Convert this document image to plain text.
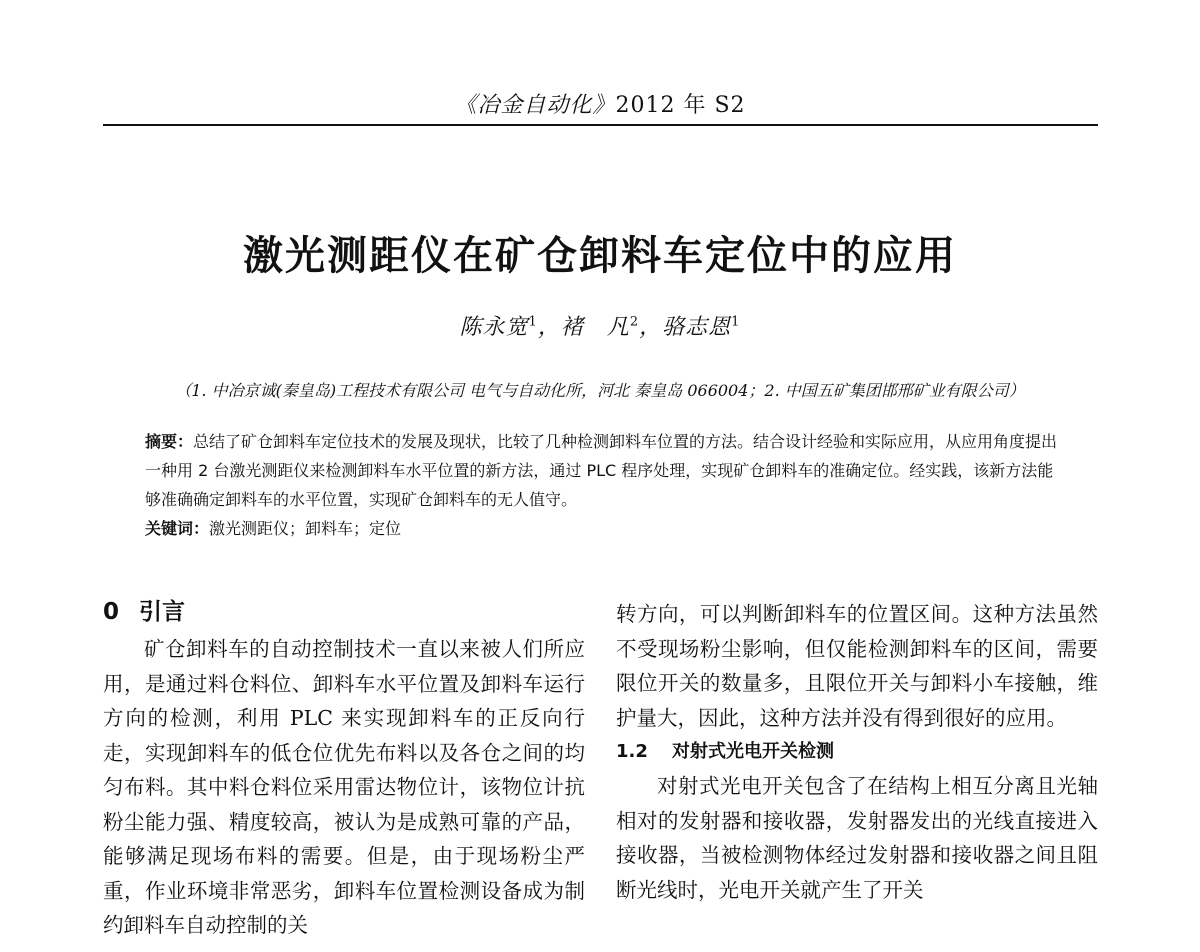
《冶金自动化》2012 年 S2
激光测距仪在矿仓卸料车定位中的应用
陈永宽$^1$，褚　凡$^2$，骆志恩$^1$
（1. 中冶京诚(秦皇岛)工程技术有限公司 电气与自动化所，河北 秦皇岛 066004；2. 中国五矿集团邯邢矿业有限公司）

摘要：总结了矿仓卸料车定位技术的发展及现状，比较了几种检测卸料车位置的方法。结合设计经验和实际应用，从应用角度提出一种用 2 台激光测距仪来检测卸料车水平位置的新方法，通过 PLC 程序处理，实现矿仓卸料车的准确定位。经实践，该新方法能够准确确定卸料车的水平位置，实现矿仓卸料车的无人值守。

关键词：激光测距仪；卸料车；定位

0 引言

矿仓卸料车的自动控制技术一直以来被人们所应用，是通过料仓料位、卸料车水平位置及卸料车运行方向的检测，利用 PLC 来实现卸料车的正反向行走，实现卸料车的低仓位优先布料以及各仓之间的均匀布料。其中料仓料位采用雷达物位计，该物位计抗粉尘能力强、精度较高，被认为是成熟可靠的产品，能够满足现场布料的需要。但是，由于现场粉尘严重，作业环境非常恶劣，卸料车位置检测设备成为制约卸料车自动控制的关

转方向，可以判断卸料车的位置区间。这种方法虽然不受现场粉尘影响，但仅能检测卸料车的区间，需要限位开关的数量多，且限位开关与卸料小车接触，维护量大，因此，这种方法并没有得到很好的应用。

1.2 对射式光电开关检测

对射式光电开关包含了在结构上相互分离且光轴相对的发射器和接收器，发射器发出的光线直接进入接收器，当被检测物体经过发射器和接收器之间且阻断光线时，光电开关就产生了开关
